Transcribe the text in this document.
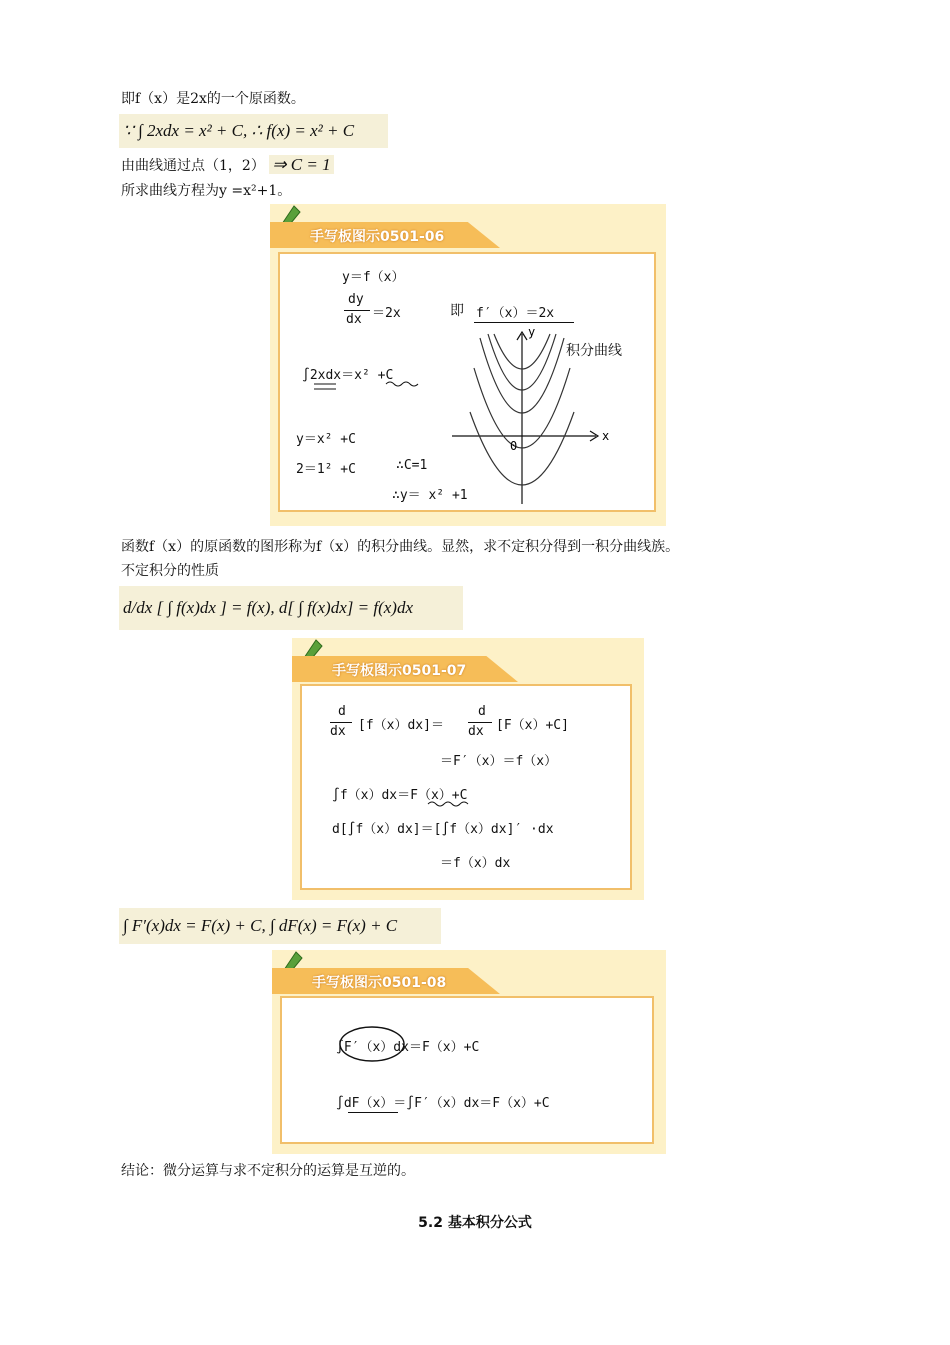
即f（x）是2x的一个原函数。
∵ ∫ 2xdx = x² + C, ∴ f(x) = x² + C
由曲线通过点（1，2） ⇒ C = 1
所求曲线方程为y =x²+1。
手写板图示0501-06
y＝f（x）
dy
dx ＝2x	即 f′（x）＝2x
积分曲线
∫2xdx＝x² +C
y＝x² +C
2＝1² +C	∴C=1
∴y＝ x² +1
x
y
0
函数f（x）的原函数的图形称为f（x）的积分曲线。显然，求不定积分得到一积分曲线族。
不定积分的性质
d/dx [ ∫ f(x)dx ] = f(x), d[ ∫ f(x)dx] = f(x)dx
手写板图示0501-07
d
dx [f（x）dx]＝
d
dx [F（x）+C]
＝F′（x）＝f（x）
∫f（x）dx＝F（x）+C
d[∫f（x）dx]＝[∫f（x）dx]′ ·dx
＝f（x）dx
∫ F′(x)dx = F(x) + C, ∫ dF(x) = F(x) + C
手写板图示0501-08
∫F′（x）dx＝F（x）+C
∫dF（x）＝∫F′（x）dx＝F（x）+C
结论：微分运算与求不定积分的运算是互逆的。
5.2 基本积分公式
